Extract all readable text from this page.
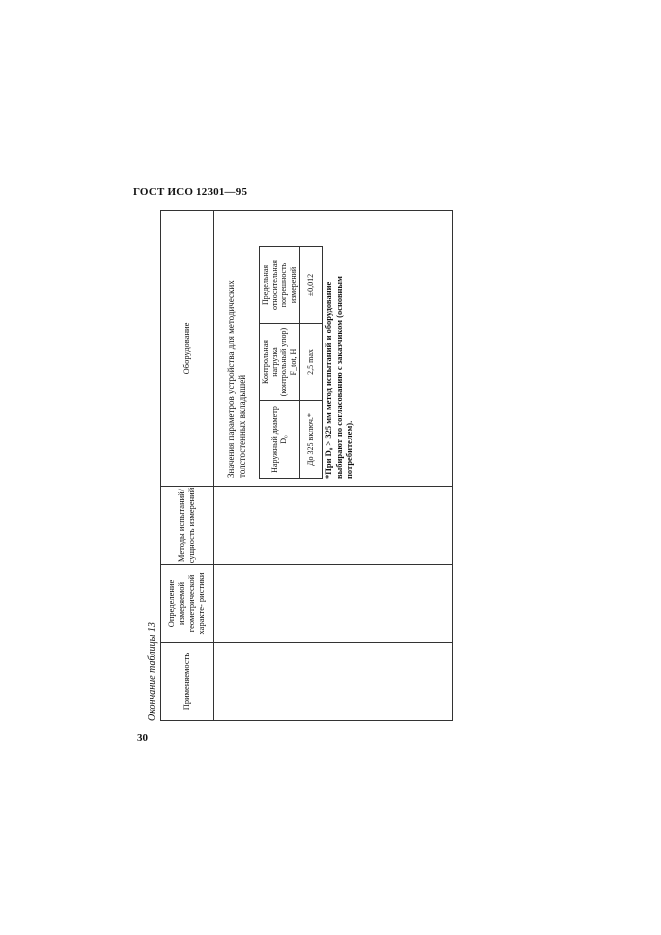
ГОСТ ИСО 12301—95
Окончание таблицы 13	Применяемость	Определение измеряемой геометрической характе- ристики	Методы испытаний/ сущность измерений	Оборудование

Значения параметров устройства для методических толстостенных вкладышей	Наружный диаметр D₀	Контрольная нагрузка (контрольный упор) F_tot, Н	Предельная относительная погрешность измерений
До 325 включ.*	2,5 max	±0,012 *При D₀ > 325 мм метод испытаний и оборудование выбирают по согласованию с заказчиком (основным потребителем).
30
